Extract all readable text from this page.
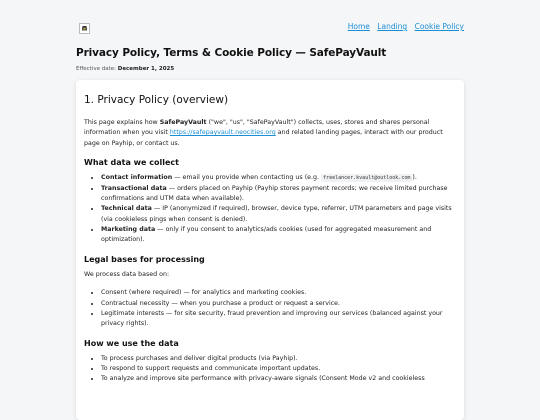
Home Landing Cookie Policy
Privacy Policy, Terms & Cookie Policy — SafePayVault
Effective date: December 1, 2025
1. Privacy Policy (overview)

This page explains how SafePayVault ("we", "us", "SafePayVault") collects, uses, stores and shares personal information when you visit https://safepayvault.neocities.org and related landing pages, interact with our product page on Payhip, or contact us.

What data we collect
• Contact information — email you provide when contacting us (e.g. freelancer.kvault@outlook.com ).
• Transactional data — orders placed on Payhip (Payhip stores payment records; we receive limited purchase confirmations and UTM data when available).
• Technical data — IP (anonymized if required), browser, device type, referrer, UTM parameters and page visits (via cookieless pings when consent is denied).
• Marketing data — only if you consent to analytics/ads cookies (used for aggregated measurement and optimization).
Legal bases for processing

We process data based on:

• Consent (where required) — for analytics and marketing cookies.
• Contractual necessity — when you purchase a product or request a service.
• Legitimate interests — for site security, fraud prevention and improving our services (balanced against your privacy rights).
How we use the data
• To process purchases and deliver digital products (via Payhip).
• To respond to support requests and communicate important updates.
• To analyze and improve site performance with privacy-aware signals (Consent Mode v2 and cookieless
